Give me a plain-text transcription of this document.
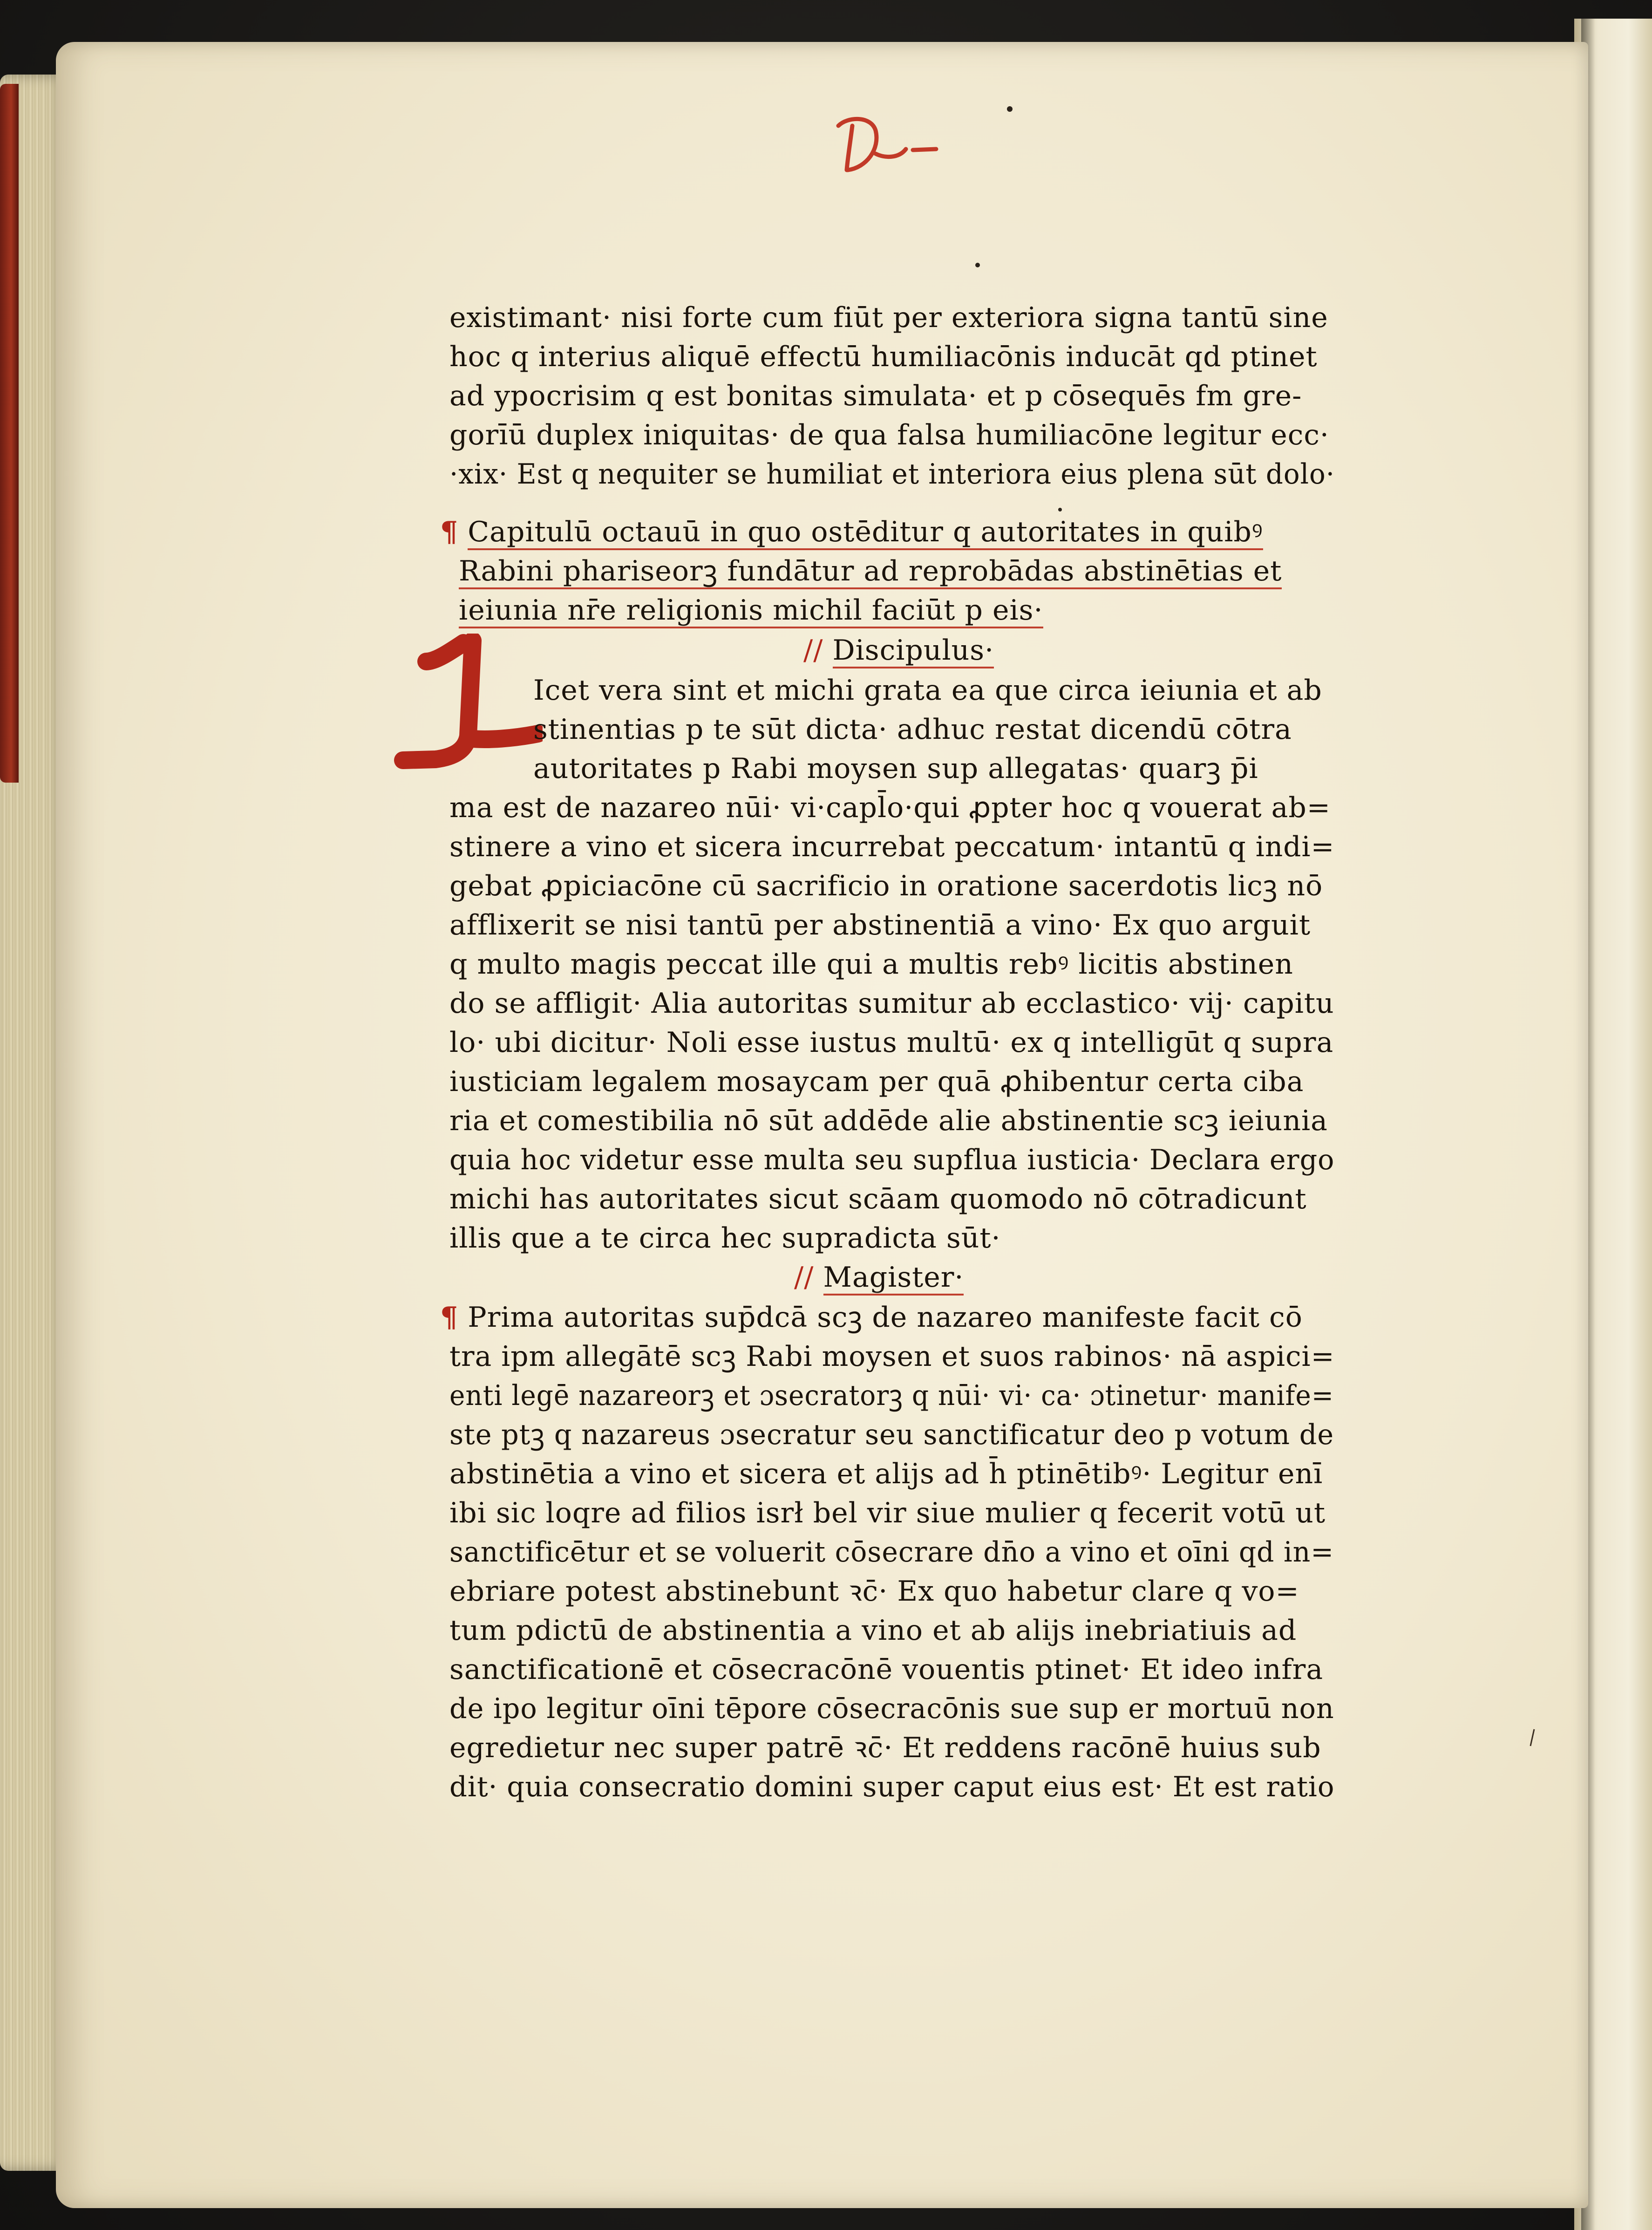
D
L
existimant· nisi forte cum fiūt per exteriora signa tantū sine
hoc q interius aliquē effectū humiliacōnis inducāt qd ptinet
ad ypocrisim q est bonitas simulata· et p cōsequēs fm gre-
gorīū duplex iniquitas· de qua falsa humiliacōne legitur ecc·
·xix· Est q nequiter se humiliat et interiora eius plena sūt dolo·
¶ Capitulū octauū in quo ostēditur q autoritates in quibꝰ
Rabini phariseorꝫ fundātur ad reprobādas abstinētias et
ieiunia nr̄e religionis michil faciūt p eis·
// Discipulus·
Icet vera sint et michi grata ea que circa ieiunia et ab
stinentias p te sūt dicta· adhuc restat dicendū cōtra
autoritates p Rabi moysen sup allegatas· quarꝫ p̄i
ma est de nazareo nūi· vi·capl̄o·qui ꝓpter hoc q vouerat ab=
stinere a vino et sicera incurrebat peccatum· intantū q indi=
gebat ꝓpiciacōne cū sacrificio in oratione sacerdotis licꝫ nō
afflixerit se nisi tantū per abstinentiā a vino· Ex quo arguit
q multo magis peccat ille qui a multis rebꝰ licitis abstinen
do se affligit· Alia autoritas sumitur ab ecclastico· vij· capitu
lo· ubi dicitur· Noli esse iustus multū· ex q intelligūt q supra
iusticiam legalem mosaycam per quā ꝓhibentur certa ciba
ria et comestibilia nō sūt addēde alie abstinentie scꝫ ieiunia
quia hoc videtur esse multa seu supflua iusticia· Declara ergo
michi has autoritates sicut scāam quomodo nō cōtradicunt
illis que a te circa hec supradicta sūt·
// Magister·
¶ Prima autoritas sup̄dcā scꝫ de nazareo manifeste facit cō
tra ipm allegātē scꝫ Rabi moysen et suos rabinos· nā aspici=
enti legē nazareorꝫ et ɔsecratorꝫ q nūi· vi· ca· ɔtinetur· manife=
ste ptꝫ q nazareus ɔsecratur seu sanctificatur deo p votum de
abstinētia a vino et sicera et alijs ad h̄ ptinētibꝰ· Legitur enī
ibi sic loqre ad filios isrł bel vir siue mulier q fecerit votū ut
sanctificētur et se voluerit cōsecrare dn̄o a vino et oīni qd in=
ebriare potest abstinebunt ꝛc̄· Ex quo habetur clare q vo=
tum pdictū de abstinentia a vino et ab alijs inebriatiuis ad
sanctificationē et cōsecracōnē vouentis ptinet· Et ideo infra
de ipo legitur oīni tēpore cōsecracōnis sue sup er mortuū non
egredietur nec super patrē ꝛc̄· Et reddens racōnē huius sub
dit· quia consecratio domini super caput eius est· Et est ratio
